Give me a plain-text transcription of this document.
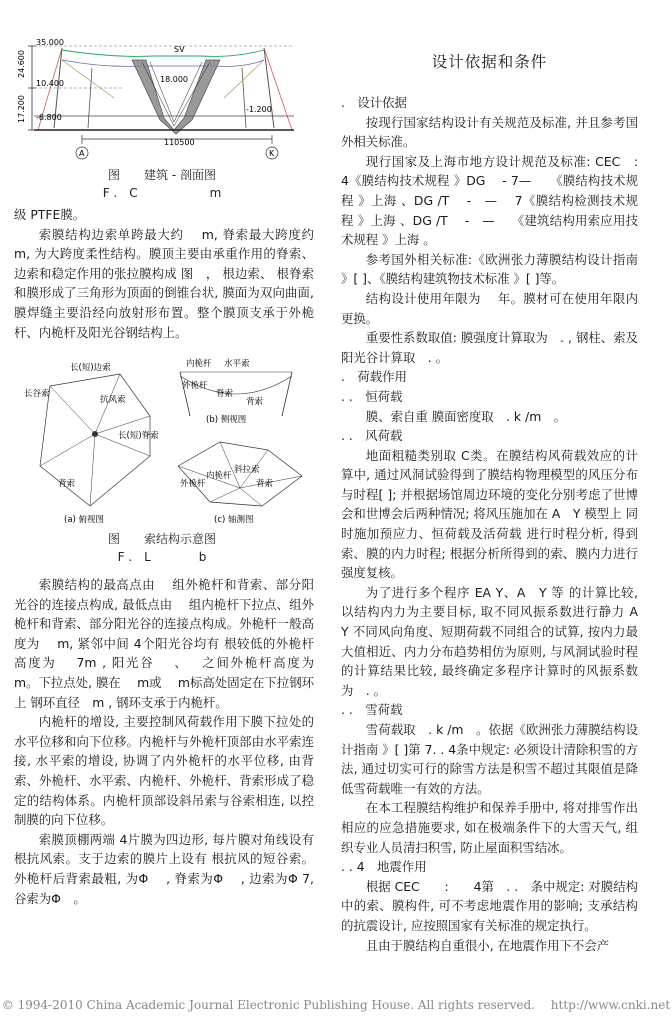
24.600
17.200
35.000
SV
18.000
10.400
-1.200
-6.800
110500
A	K
图　　建筑 - 剖面图
F .　C　　　　　　m

级 PTFE膜。

索膜结构边索单跨最大约　 m, 脊索最大跨度约　 m, 为大跨度柔性结构。膜顶主要由承重作用的脊索、边索和稳定作用的张拉膜构成 图　， 根边索、 根脊索和膜形成了三角形为顶面的倒锥台状, 膜面为双向曲面, 膜焊缝主要沿经向放射形布置。整个膜顶支承于外桅杆、内桅杆及阳光谷钢结构上。

长(短)边索
长谷索
抗风索
长(短)脊索
背索
(a) 俯视图
内桅杆 水平索
外桅杆
脊索
背索
(b) 侧视图
外桅杆
内桅杆
斜拉索
背索
(c) 轴测图
图　　索结构示意图
F .　L　　　　b

索膜结构的最高点由　 组外桅杆和背索、部分阳光谷的连接点构成, 最低点由　 组内桅杆下拉点、组外桅杆和背索、部分阳光谷的连接点构成。外桅杆一般高度为　 m, 紧邻中间 4个阳光谷均有 根较低的外桅杆 高度为　 7m , 阳光谷　 、　 之间外桅杆高度为　 m。下拉点处, 膜在　 m或　 m标高处固定在下拉钢环上 钢环直径　m , 钢环支承于内桅杆。

内桅杆的增设, 主要控制风荷载作用下膜下拉处的水平位移和向下位移。内桅杆与外桅杆顶部由水平索连接, 水平索的增设, 协调了内外桅杆的水平位移, 由背索、外桅杆、水平索、内桅杆、外桅杆、背索形成了稳定的结构体系。内桅杆顶部设斜吊索与谷索相连, 以控制膜的向下位移。

索膜顶棚两端 4片膜为四边形, 每片膜对角线设有 根抗风索。支于边索的膜片上设有 根抗风的短谷索。外桅杆后背索最粗, 为Φ　 , 脊索为Φ　 , 边索为Φ 7, 谷索为Φ　。

设计依据和条件

.　设计依据

按现行国家结构设计有关规范及标准, 并且参考国外相关标准。

现行国家及上海市地方设计规范及标准: CEC　:　　4《膜结构技术规程 》DG　 - 7—　　《膜结构技术规程 》上海 、DG /T　 -　—　 7《膜结构检测技术规程 》上海 、DG /T　 -　—　 《建筑结构用索应用技术规程 》上海 。

参考国外相关标准:《欧洲张力薄膜结构设计指南 》[ ]、《膜结构建筑物技术标准 》[ ]等。

结构设计使用年限为　 年。膜材可在使用年限内更换。

重要性系数取值: 膜强度计算取为　. , 钢柱、索及阳光谷计算取　. 。

.　荷载作用

. .　恒荷载

膜、索自重 膜面密度取　. k /m　。

. .　风荷载

地面粗糙类别取 C类。在膜结构风荷载效应的计算中, 通过风洞试验得到了膜结构物理模型的风压分布与时程[ ]; 并根据场馆周边环境的变化分别考虑了世博会和世博会后两种情况; 将风压施加在 A　Y 模型上 同时施加预应力、恒荷载及活荷载 进行时程分析, 得到索、膜的内力时程; 根据分析所得到的索、膜内力进行强度复核。

为了进行多个程序 EA Y、A　Y 等 的计算比较, 以结构内力为主要目标, 取不同风振系数进行静力 A　Y 不同风向角度、短期荷载不同组合的试算, 按内力最大值相近、内力分布趋势相仿为原则, 与风洞试验时程的计算结果比较, 最终确定多程序计算时的风振系数为　. 。

. .　雪荷载

雪荷载取　. k /m　。依据《欧洲张力薄膜结构设计指南 》[ ]第 7. . 4条中规定: 必须设计清除积雪的方法, 通过切实可行的除雪方法是积雪不超过其限值是降低雪荷载唯一有效的方法。

在本工程膜结构维护和保养手册中, 将对排雪作出相应的应急措施要求, 如在极端条件下的大雪天气, 组织专业人员清扫积雪, 防止屋面积雪结冰。

. . 4　地震作用

根据 CEC　　:　　4第　. .　条中规定: 对膜结构中的索、膜构件, 可不考虑地震作用的影响; 支承结构的抗震设计, 应按照国家有关标准的规定执行。

且由于膜结构自重很小, 在地震作用下不会产

© 1994-2010 China Academic Journal Electronic Publishing House. All rights reserved.　 http://www.cnki.net
